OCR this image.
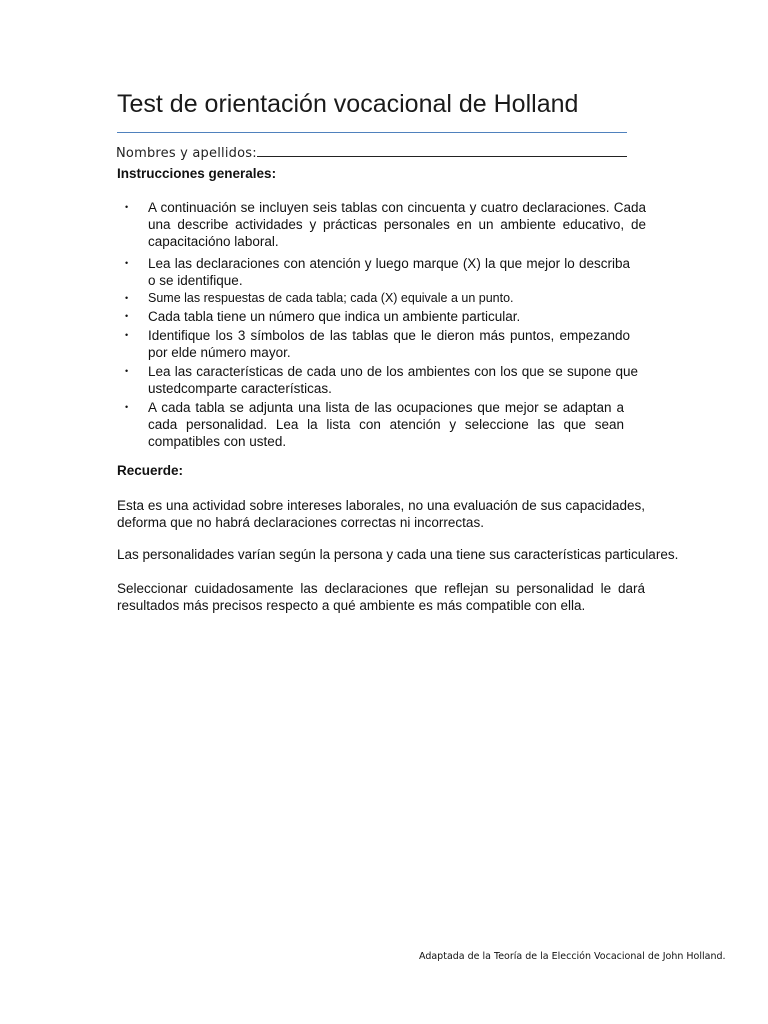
Test de orientación vocacional de Holland
Nombres y apellidos:
Instrucciones generales:
• A continuación se incluyen seis tablas con cincuenta y cuatro declaraciones. Cada una describe actividades y prácticas personales en un ambiente educativo, de capacitacióno laboral.
• Lea las declaraciones con atención y luego marque (X) la que mejor lo describa o se identifique.
• Sume las respuestas de cada tabla; cada (X) equivale a un punto.
• Cada tabla tiene un número que indica un ambiente particular.
• Identifique los 3 símbolos de las tablas que le dieron más puntos, empezando por elde número mayor.
• Lea las características de cada uno de los ambientes con los que se supone que ustedcomparte características.
• A cada tabla se adjunta una lista de las ocupaciones que mejor se adaptan a cada personalidad. Lea la lista con atención y seleccione las que sean compatibles con usted.
Recuerde:

Esta es una actividad sobre intereses laborales, no una evaluación de sus capacidades, deforma que no habrá declaraciones correctas ni incorrectas.

Las personalidades varían según la persona y cada una tiene sus características particulares.

Seleccionar cuidadosamente las declaraciones que reflejan su personalidad le dará resultados más precisos respecto a qué ambiente es más compatible con ella.

Adaptada de la Teoría de la Elección Vocacional de John Holland.
